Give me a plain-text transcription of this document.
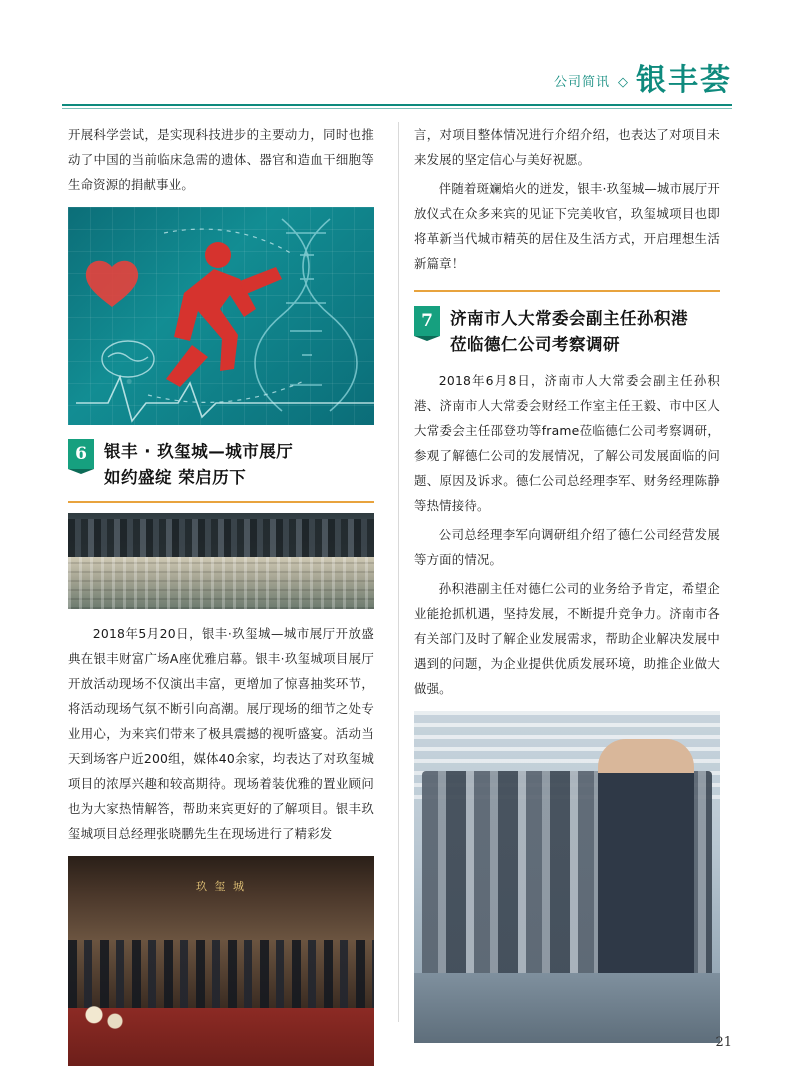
公司简讯 ◇ 银丰荟

开展科学尝试，是实现科技进步的主要动力，同时也推动了中国的当前临床急需的遗体、器官和造血干细胞等生命资源的捐献事业。

6	银丰 · 玖玺城—城市展厅
如约盛绽 荣启历下

2018年5月20日，银丰·玖玺城—城市展厅开放盛典在银丰财富广场A座优雅启幕。银丰·玖玺城项目展厅开放活动现场不仅演出丰富，更增加了惊喜抽奖环节，将活动现场气氛不断引向高潮。展厅现场的细节之处专业用心，为来宾们带来了极具震撼的视听盛宴。活动当天到场客户近200组，媒体40余家，均表达了对玖玺城项目的浓厚兴趣和较高期待。现场着装优雅的置业顾问也为大家热情解答，帮助来宾更好的了解项目。银丰玖玺城项目总经理张晓鹏先生在现场进行了精彩发

玖 玺 城

言，对项目整体情况进行介绍介绍，也表达了对项目未来发展的坚定信心与美好祝愿。

伴随着斑斓焰火的迸发，银丰·玖玺城—城市展厅开放仪式在众多来宾的见证下完美收官，玖玺城项目也即将革新当代城市精英的居住及生活方式，开启理想生活新篇章！

7	济南市人大常委会副主任孙积港
莅临德仁公司考察调研

2018年6月8日，济南市人大常委会副主任孙积港、济南市人大常委会财经工作室主任王毅、市中区人大常委会主任邵登功等frame莅临德仁公司考察调研，参观了解德仁公司的发展情况，了解公司发展面临的问题、原因及诉求。德仁公司总经理李军、财务经理陈静等热情接待。

公司总经理李军向调研组介绍了德仁公司经营发展等方面的情况。

孙积港副主任对德仁公司的业务给予肯定，希望企业能抢抓机遇，坚持发展，不断提升竞争力。济南市各有关部门及时了解企业发展需求，帮助企业解决发展中遇到的问题，为企业提供优质发展环境，助推企业做大做强。

21
